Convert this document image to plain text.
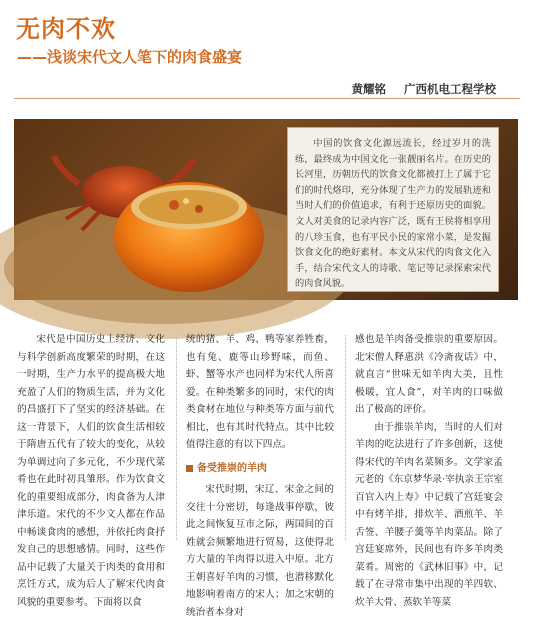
无肉不欢
——浅谈宋代文人笔下的肉食盛宴
黄耀铭 广西机电工程学校
中国的饮食文化源远流长，经过岁月的洗练，最终成为中国文化一张靓丽名片。在历史的长河里，历朝历代的饮食文化都被打上了属于它们的时代烙印，充分体现了生产力的发展轨迹和当时人们的价值追求，有利于还原历史的面貌。文人对美食的记录内容广泛，既有王侯将相享用的八珍玉食，也有平民小民的家常小菜，是发掘饮食文化的绝好素材。本文从宋代的肉食文化入手，结合宋代文人的诗歌、笔记等记录探索宋代的肉食风貌。

宋代是中国历史上经济、文化与科学创新高度繁荣的时期，在这一时期，生产力水平的提高极大地充盈了人们的物质生活，并为文化的昌盛打下了坚实的经济基础。在这一背景下，人们的饮食生活相较于隋唐五代有了较大的变化，从较为单调过向了多元化，不少现代菜肴也在此时初具雏形。作为饮食文化的重要组成部分，肉食备为人津津乐道。宋代的不少文人都在作品中畅谈食肉的感想，并依托肉食抒发自己的思想感情。同时，这些作品中记载了大量关于肉类的食用和烹饪方式，成为后人了解宋代肉食风貌的重要参考。下面将以食

统的猪、羊、鸡、鸭等家养牲畜，也有兔、鹿等山珍野味，而鱼、虾、蟹等水产也同样为宋代人所喜爱。在种类繁多的同时，宋代的肉类食材在地位与种类等方面与前代相比，也有其时代特点。其中比较值得注意的有以下四点。

备受推崇的羊肉

宋代时期，宋辽、宋金之间的交往十分密切，每逢战事停歇，彼此之间恢复互市之际，两国间的百姓就会频繁地进行贸易，这使得北方大量的羊肉得以进入中原。北方王朝喜好羊肉的习惯，也潜移默化地影响着南方的宋人；加之宋朝的统治者本身对

感也是羊肉备受推崇的重要原因。北宋僧人释惠洪《冷斋夜话》中，就直言“世味无如羊肉大美，且性极暖，宜人食”，对羊肉的口味做出了极高的评价。

由于推崇羊肉，当时的人们对羊肉的吃法进行了许多创新，这使得宋代的羊肉名菜频多。文学家孟元老的《东京梦华录·宰执亲王宗室百官入内上寿》中记载了宫廷宴会中有烤羊排，排炊羊、酒煎羊、羊舌签、羊腰子羹等羊肉菜品。除了宫廷宴席外，民间也有许多羊肉类菜肴。周密的《武林旧事》中，记载了在寻常市集中出现的羊四软、炊羊大骨、蒸软羊等菜
